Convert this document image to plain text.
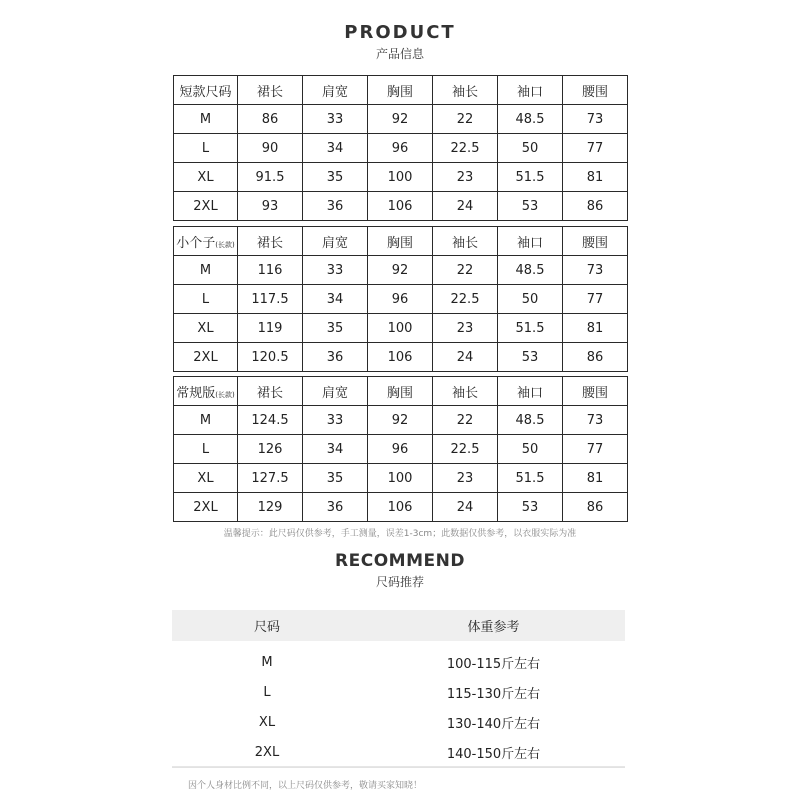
PRODUCT
产品信息
短款尺码	裙长	肩宽	胸围	袖长	袖口	腰围
M	86	33	92	22	48.5	73
L	90	34	96	22.5	50	77
XL	91.5	35	100	23	51.5	81
2XL	93	36	106	24	53	86
小个子(长款)	裙长	肩宽	胸围	袖长	袖口	腰围
M	116	33	92	22	48.5	73
L	117.5	34	96	22.5	50	77
XL	119	35	100	23	51.5	81
2XL	120.5	36	106	24	53	86
常规版(长款)	裙长	肩宽	胸围	袖长	袖口	腰围
M	124.5	33	92	22	48.5	73
L	126	34	96	22.5	50	77
XL	127.5	35	100	23	51.5	81
2XL	129	36	106	24	53	86
温馨提示：此尺码仅供参考，手工测量，误差1-3cm；此数据仅供参考，以衣服实际为准
RECOMMEND
尺码推荐
尺码	体重参考
M	100-115斤左右
L	115-130斤左右
XL	130-140斤左右
2XL	140-150斤左右
因个人身材比例不同，以上尺码仅供参考，敬请买家知晓！
